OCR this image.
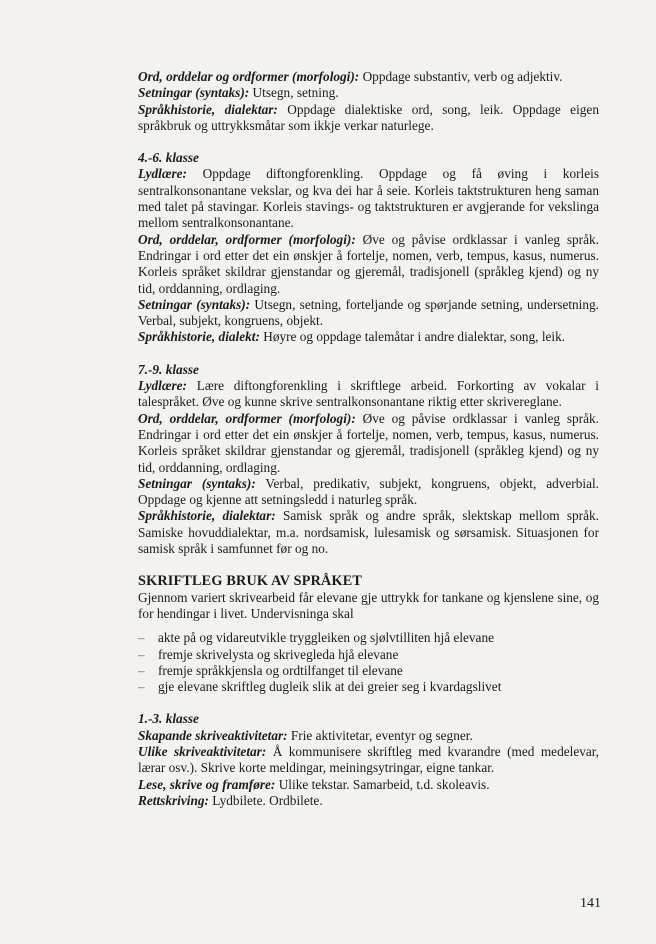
Ord, orddelar og ordformer (morfologi): Oppdage substantiv, verb og adjektiv.

Setningar (syntaks): Utsegn, setning.

Språkhistorie, dialektar: Oppdage dialektiske ord, song, leik. Oppdage eigen språkbruk og uttrykksmåtar som ikkje verkar naturlege.

4.-6. klasse

Lydlære: Oppdage diftongforenkling. Oppdage og få øving i korleis sentralkonsonantane vekslar, og kva dei har å seie. Korleis taktstrukturen heng saman med talet på stavingar. Korleis stavings- og taktstrukturen er avgjerande for vekslinga mellom sentralkonsonantane.

Ord, orddelar, ordformer (morfologi): Øve og påvise ordklassar i vanleg språk. Endringar i ord etter det ein ønskjer å fortelje, nomen, verb, tempus, kasus, numerus. Korleis språket skildrar gjenstandar og gjeremål, tradisjonell (språkleg kjend) og ny tid, orddanning, ordlaging.

Setningar (syntaks): Utsegn, setning, forteljande og spørjande setning, undersetning. Verbal, subjekt, kongruens, objekt.

Språkhistorie, dialekt: Høyre og oppdage talemåtar i andre dialektar, song, leik.

7.-9. klasse

Lydlære: Lære diftongforenkling i skriftlege arbeid. Forkorting av vokalar i talespråket. Øve og kunne skrive sentralkonsonantane riktig etter skrivereglane.

Ord, orddelar, ordformer (morfologi): Øve og påvise ordklassar i vanleg språk. Endringar i ord etter det ein ønskjer å fortelje, nomen, verb, tempus, kasus, numerus. Korleis språket skildrar gjenstandar og gjeremål, tradisjonell (språkleg kjend) og ny tid, orddanning, ordlaging.

Setningar (syntaks): Verbal, predikativ, subjekt, kongruens, objekt, adverbial. Oppdage og kjenne att setningsledd i naturleg språk.

Språkhistorie, dialektar: Samisk språk og andre språk, slektskap mellom språk. Samiske hovuddialektar, m.a. nordsamisk, lulesamisk og sørsamisk. Situasjonen for samisk språk i samfunnet før og no.

SKRIFTLEG BRUK AV SPRÅKET

Gjennom variert skrivearbeid får elevane gje uttrykk for tankane og kjenslene sine, og for hendingar i livet. Undervisninga skal

– akte på og vidareutvikle tryggleiken og sjølvtilliten hjå elevane
– fremje skrivelysta og skrivegleda hjå elevane
– fremje språkkjensla og ordtilfanget til elevane
– gje elevane skriftleg dugleik slik at dei greier seg i kvardagslivet

1.-3. klasse

Skapande skriveaktivitetar: Frie aktivitetar, eventyr og segner.

Ulike skriveaktivitetar: Å kommunisere skriftleg med kvarandre (med medelevar, lærar osv.). Skrive korte meldingar, meiningsytringar, eigne tankar.

Lese, skrive og framføre: Ulike tekstar. Samarbeid, t.d. skoleavis.

Rettskriving: Lydbilete. Ordbilete.

141
